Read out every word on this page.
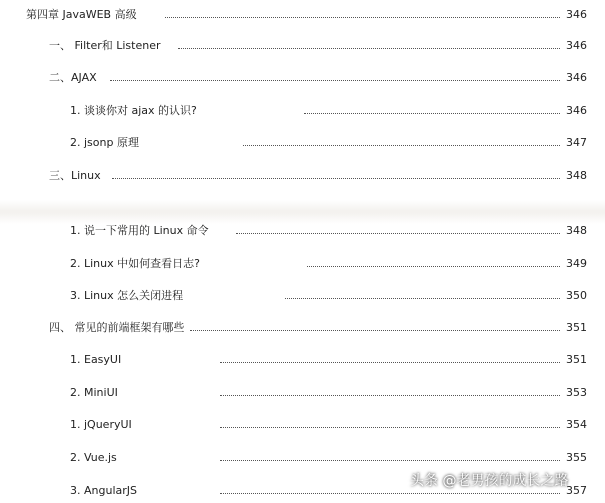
第四章 JavaWEB 高级	346
一、 Filter和 Listener	346
二、AJAX	346
1. 谈谈你对 ajax 的认识?	346
2. jsonp 原理	347
三、Linux	348
1. 说一下常用的 Linux 命令	348
2. Linux 中如何查看日志?	349
3. Linux 怎么关闭进程	350
四、 常见的前端框架有哪些	351
1. EasyUI	351
2. MiniUI	353
1. jQueryUI	354
2. Vue.js	355
3. AngularJS	357
头条 @老男孩的成长之路
